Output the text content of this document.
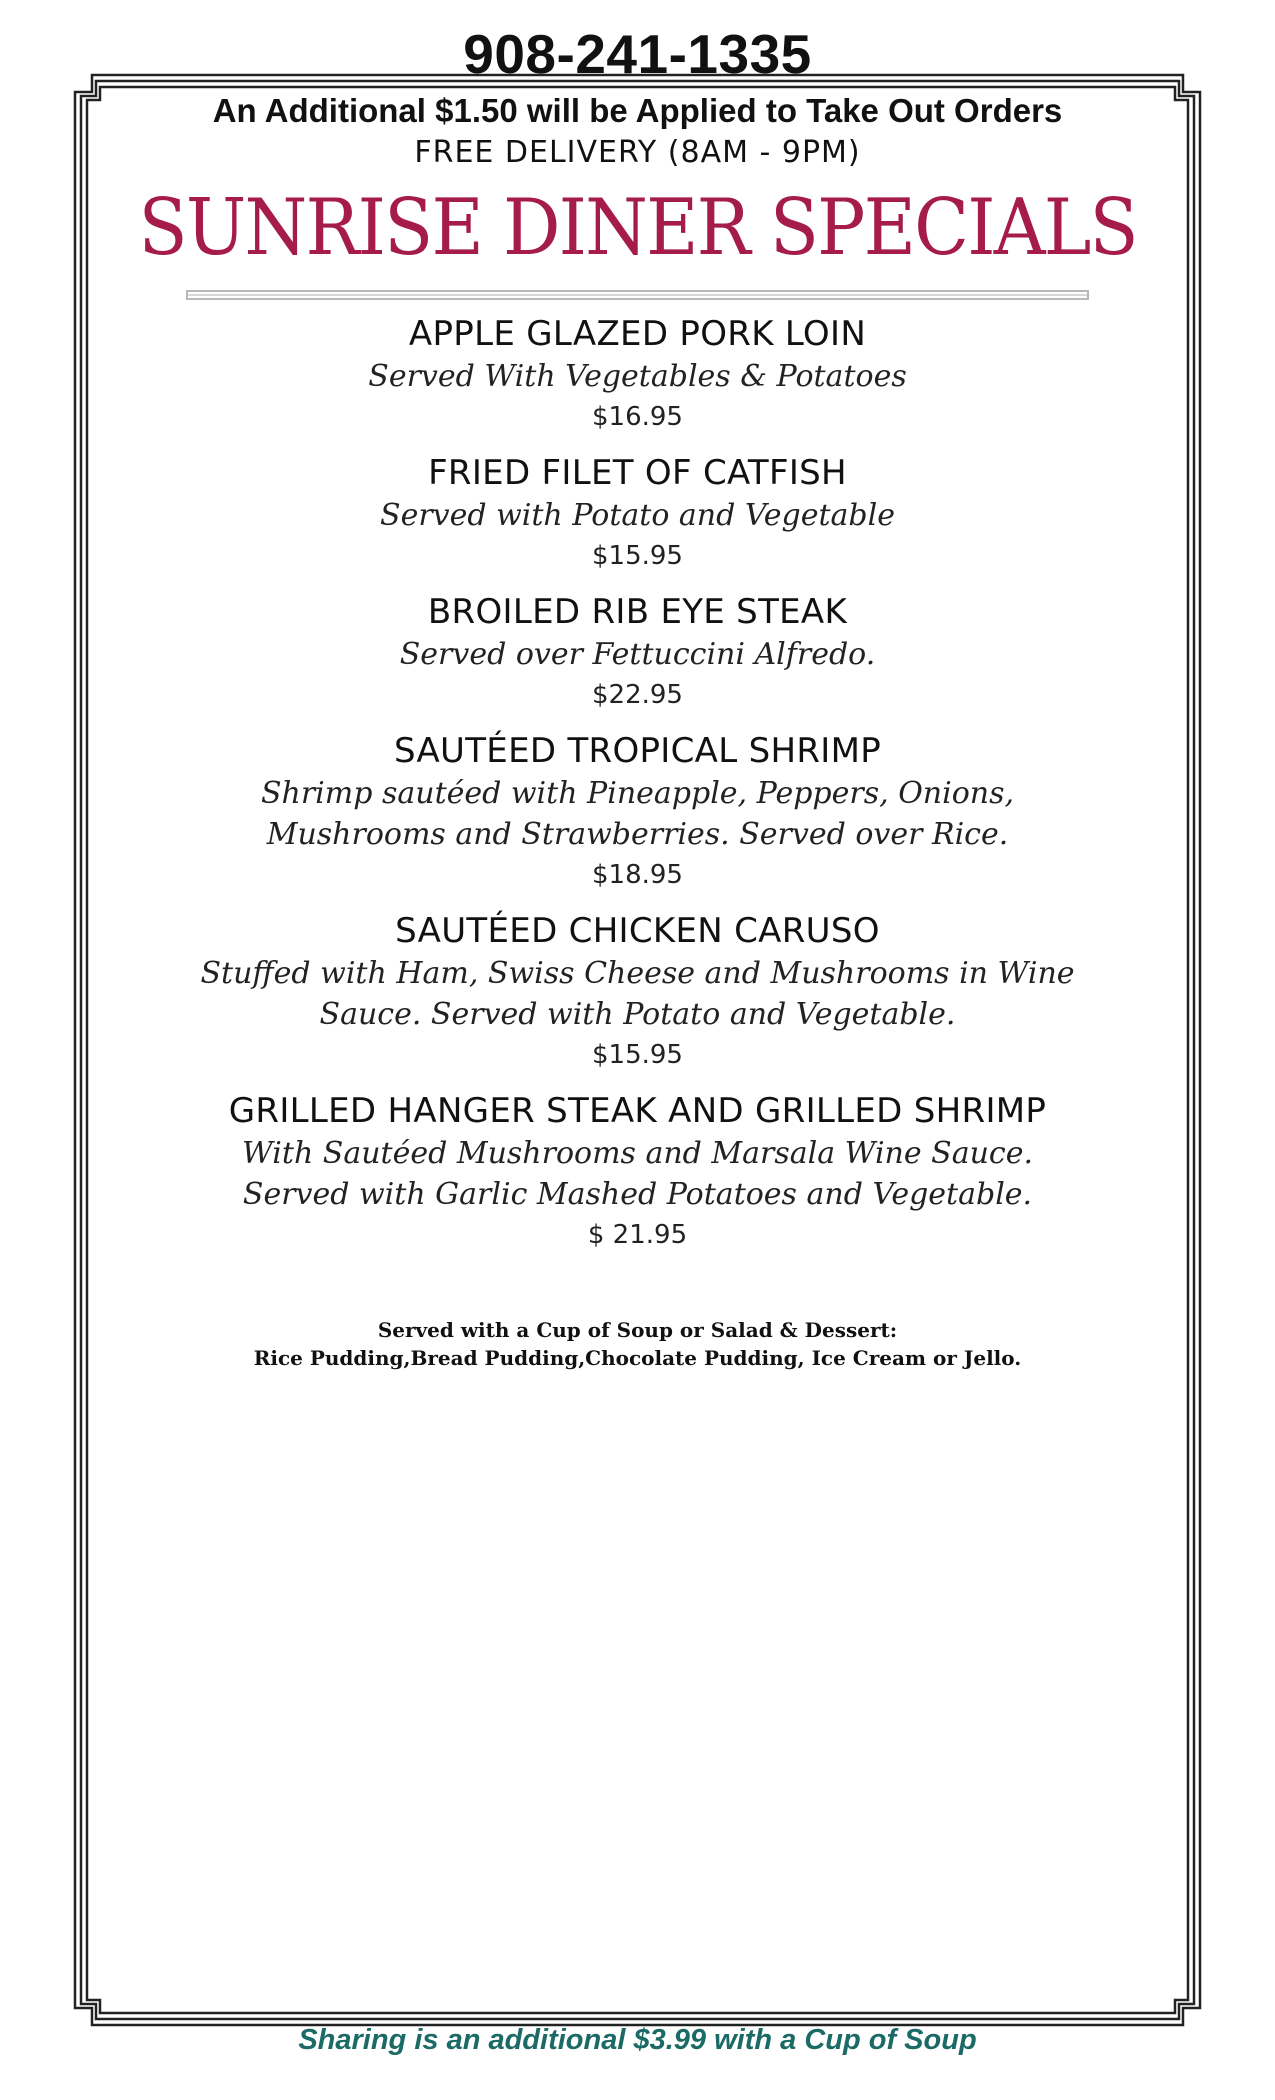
908-241-1335
An Additional $1.50 will be Applied to Take Out Orders
FREE DELIVERY (8AM - 9PM)
SUNRISE DINER SPECIALS
APPLE GLAZED PORK LOIN
Served With Vegetables & Potatoes
$16.95
FRIED FILET OF CATFISH
Served with Potato and Vegetable
$15.95
BROILED RIB EYE STEAK
Served over Fettuccini Alfredo.
$22.95
SAUTÉED TROPICAL SHRIMP
Shrimp sautéed with Pineapple, Peppers, Onions, Mushrooms and Strawberries. Served over Rice.
$18.95
SAUTÉED CHICKEN CARUSO
Stuffed with Ham, Swiss Cheese and Mushrooms in Wine Sauce. Served with Potato and Vegetable.
$15.95
GRILLED HANGER STEAK AND GRILLED SHRIMP
With Sautéed Mushrooms and Marsala Wine Sauce. Served with Garlic Mashed Potatoes and Vegetable.
$ 21.95
Served with a Cup of Soup or Salad & Dessert:
Rice Pudding,Bread Pudding,Chocolate Pudding, Ice Cream or Jello.
Sharing is an additional $3.99 with a Cup of Soup
